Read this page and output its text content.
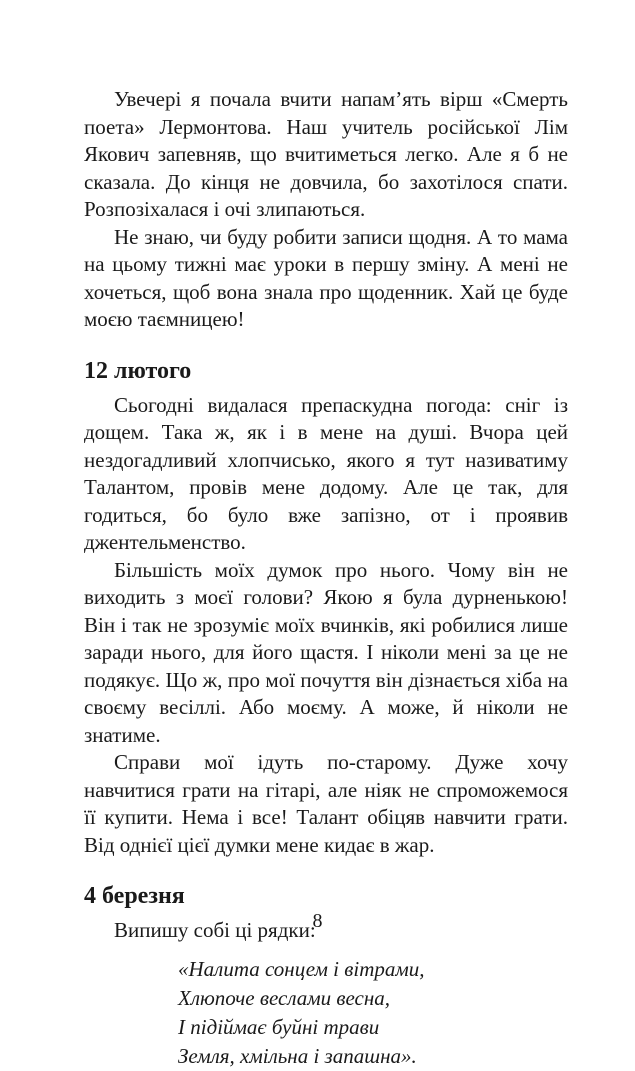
Увечері я почала вчити напам’ять вірш «Смерть поета» Лермонтова. Наш учитель російської Лім Якович запевняв, що вчитиметься легко. Але я б не сказала. До кінця не довчила, бо захотілося спати. Розпозіхалася і очі злипаються.

Не знаю, чи буду робити записи щодня. А то мама на цьому тижні має уроки в першу зміну. А мені не хочеться, щоб вона знала про щоденник. Хай це буде моєю таємницею!

12 лютого

Сьогодні видалася препаскудна погода: сніг із дощем. Така ж, як і в мене на душі. Вчора цей нездогадливий хлопчисько, якого я тут називатиму Талантом, провів мене додому. Але це так, для годиться, бо було вже запізно, от і проявив джентельменство.

Більшість моїх думок про нього. Чому він не виходить з моєї голови? Якою я була дурненькою! Він і так не зрозуміє моїх вчинків, які робилися лише заради нього, для його щастя. І ніколи мені за це не подякує. Що ж, про мої почуття він дізнається хіба на своєму весіллі. Або моєму. А може, й ніколи не знатиме.

Справи мої ідуть по-старому. Дуже хочу навчитися грати на гітарі, але ніяк не спроможемося її купити. Нема і все! Талант обіцяв навчити грати. Від однієї цієї думки мене кидає в жар.

4 березня

Випишу собі ці рядки:

«Налита сонцем і вітрами,
Хлюпоче веслами весна,
І підіймає буйні трави
Земля, хмільна і запашна».
8
